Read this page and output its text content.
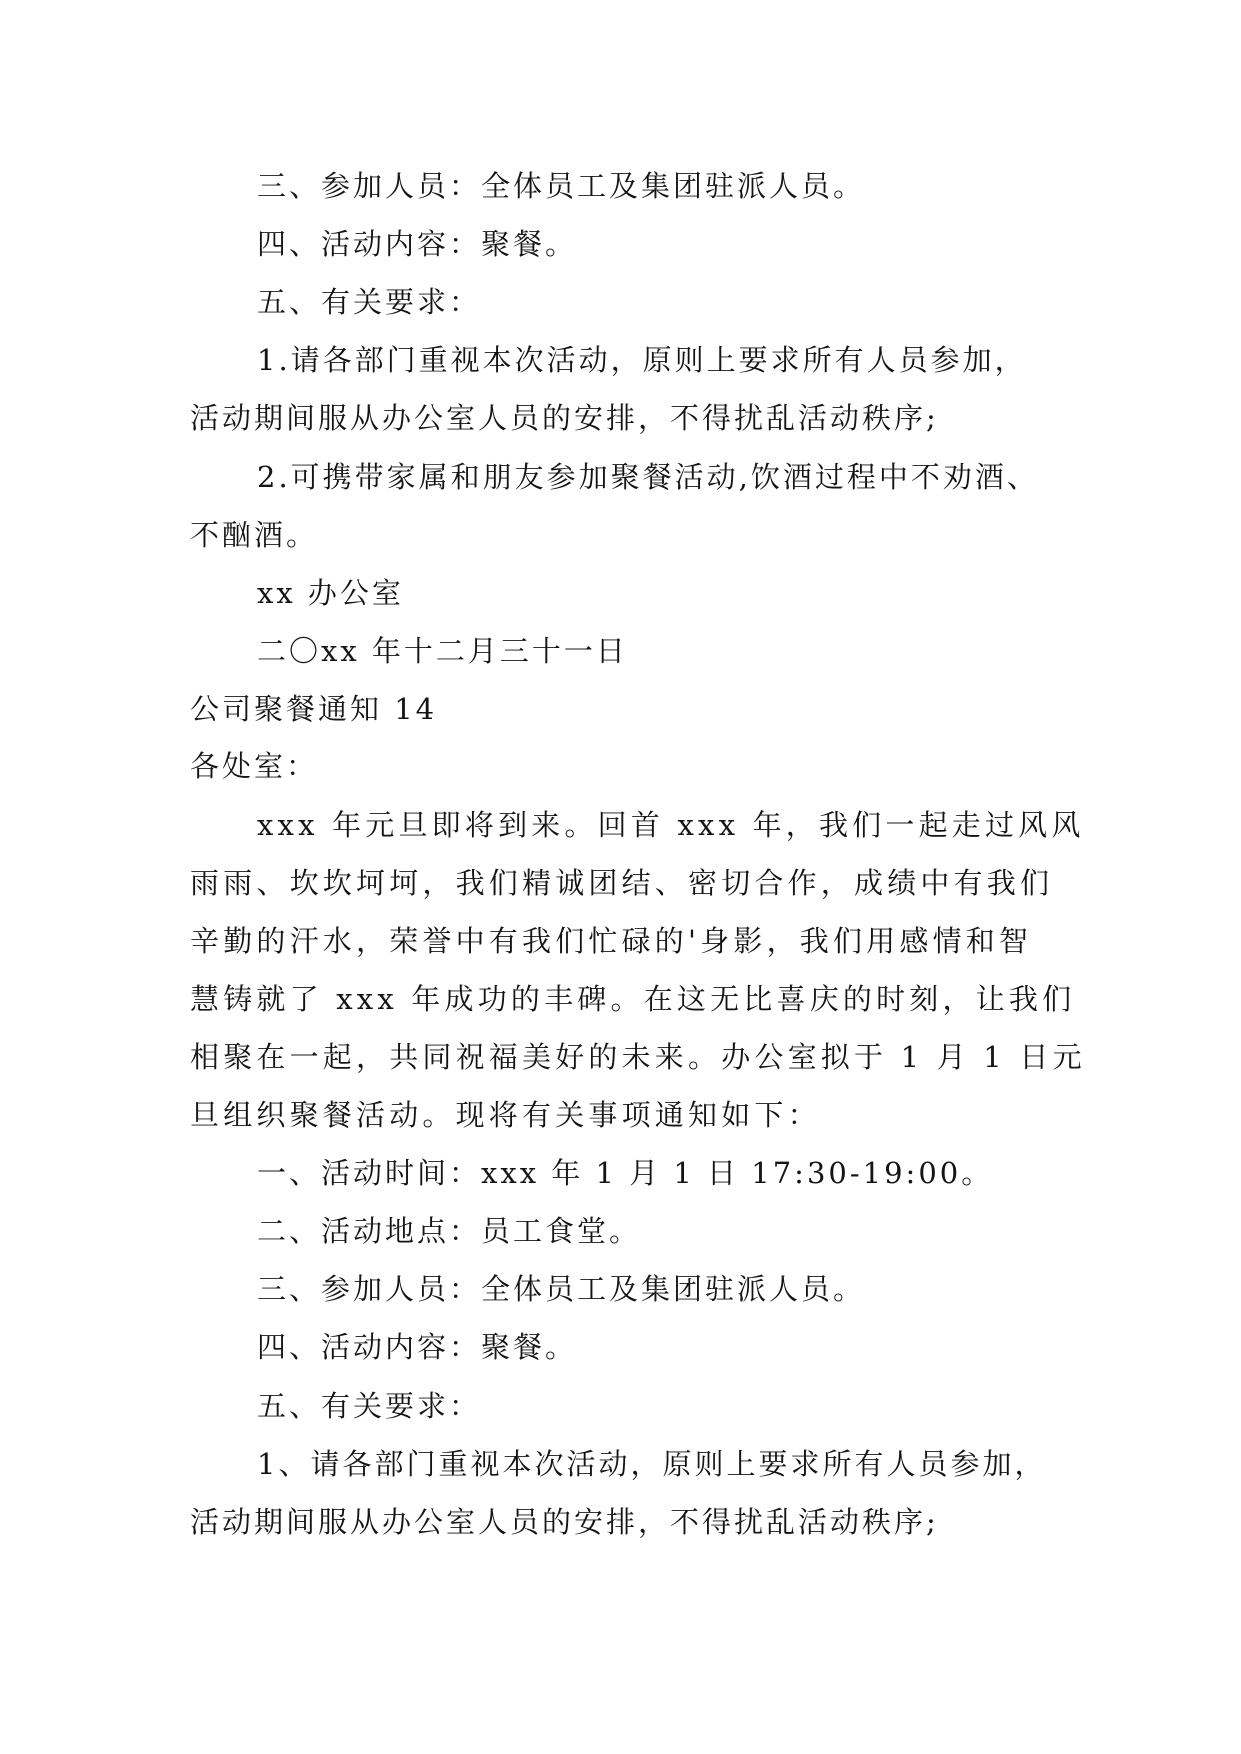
三、参加人员：全体员工及集团驻派人员。
四、活动内容：聚餐。
五、有关要求：
1.请各部门重视本次活动，原则上要求所有人员参加，
活动期间服从办公室人员的安排，不得扰乱活动秩序;
2.可携带家属和朋友参加聚餐活动,饮酒过程中不劝酒、
不酗酒。
xx 办公室
二〇xx 年十二月三十一日
公司聚餐通知 14
各处室：
xxx 年元旦即将到来。回首 xxx 年，我们一起走过风风
雨雨、坎坎坷坷，我们精诚团结、密切合作，成绩中有我们
辛勤的汗水，荣誉中有我们忙碌的'身影，我们用感情和智
慧铸就了 xxx 年成功的丰碑。在这无比喜庆的时刻，让我们
相聚在一起，共同祝福美好的未来。办公室拟于 1 月 1 日元
旦组织聚餐活动。现将有关事项通知如下：
一、活动时间：xxx 年 1 月 1 日 17:30-19:00。
二、活动地点：员工食堂。
三、参加人员：全体员工及集团驻派人员。
四、活动内容：聚餐。
五、有关要求：
1、请各部门重视本次活动，原则上要求所有人员参加，
活动期间服从办公室人员的安排，不得扰乱活动秩序;
